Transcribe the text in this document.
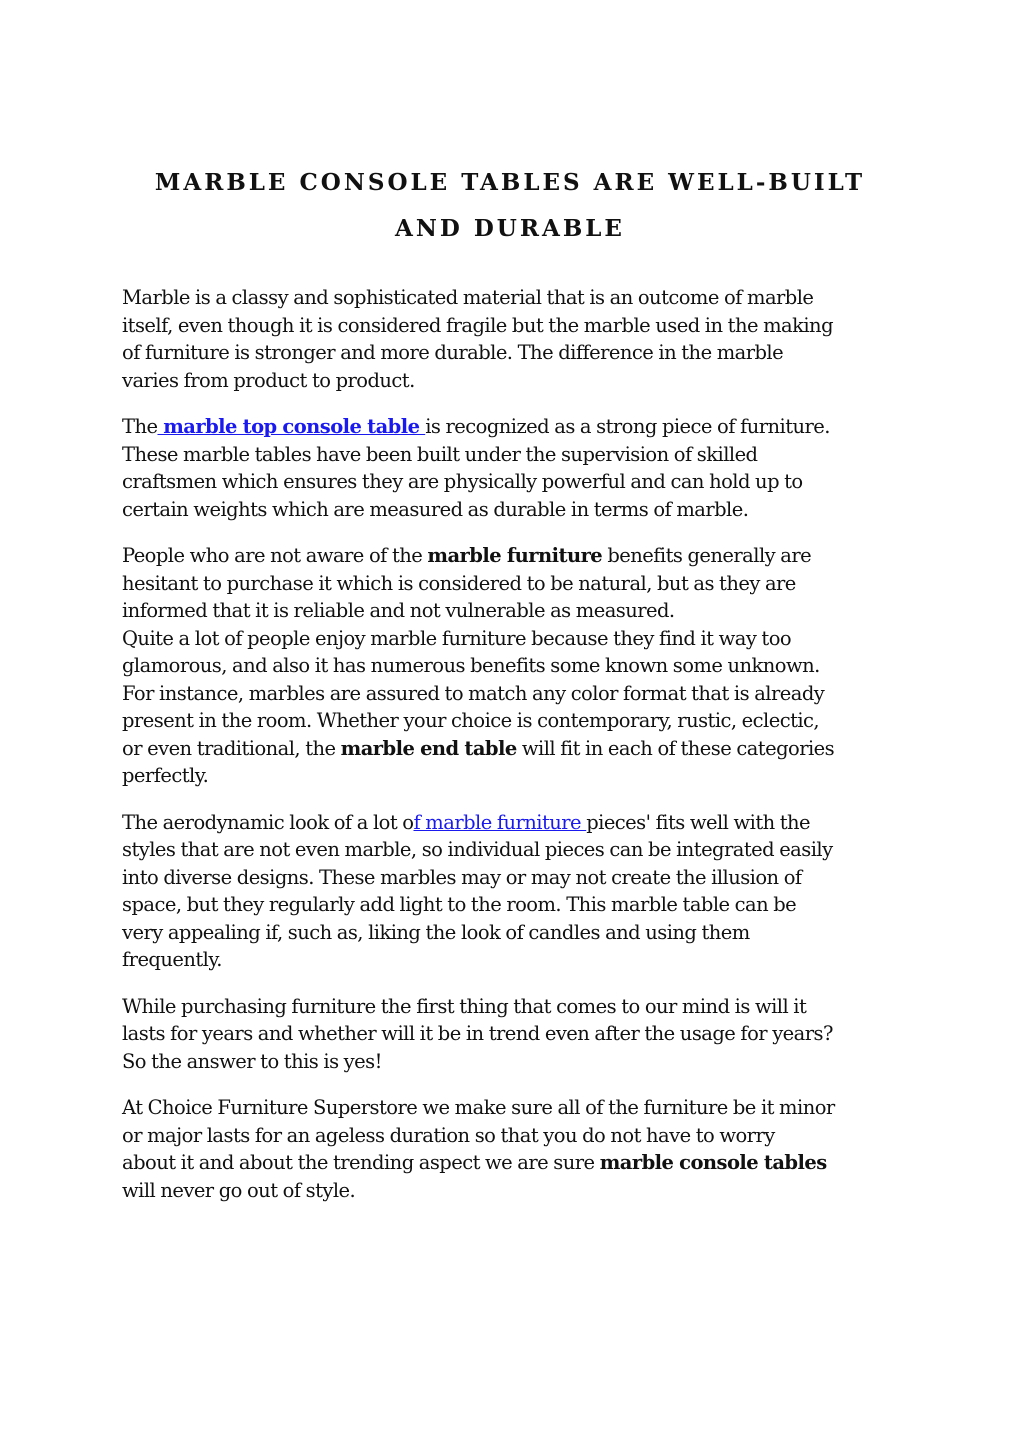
MARBLE CONSOLE TABLES ARE WELL-BUILT
AND DURABLE

Marble is a classy and sophisticated material that is an outcome of marble
itself, even though it is considered fragile but the marble used in the making
of furniture is stronger and more durable. The difference in the marble
varies from product to product.

The marble top console table is recognized as a strong piece of furniture.
These marble tables have been built under the supervision of skilled
craftsmen which ensures they are physically powerful and can hold up to
certain weights which are measured as durable in terms of marble.

People who are not aware of the marble furniture benefits generally are
hesitant to purchase it which is considered to be natural, but as they are
informed that it is reliable and not vulnerable as measured.
Quite a lot of people enjoy marble furniture because they find it way too
glamorous, and also it has numerous benefits some known some unknown.
For instance, marbles are assured to match any color format that is already
present in the room. Whether your choice is contemporary, rustic, eclectic,
or even traditional, the marble end table will fit in each of these categories
perfectly.

The aerodynamic look of a lot of marble furniture pieces' fits well with the
styles that are not even marble, so individual pieces can be integrated easily
into diverse designs. These marbles may or may not create the illusion of
space, but they regularly add light to the room. This marble table can be
very appealing if, such as, liking the look of candles and using them
frequently.

While purchasing furniture the first thing that comes to our mind is will it
lasts for years and whether will it be in trend even after the usage for years?
So the answer to this is yes!

At Choice Furniture Superstore we make sure all of the furniture be it minor
or major lasts for an ageless duration so that you do not have to worry
about it and about the trending aspect we are sure marble console tables
will never go out of style.
